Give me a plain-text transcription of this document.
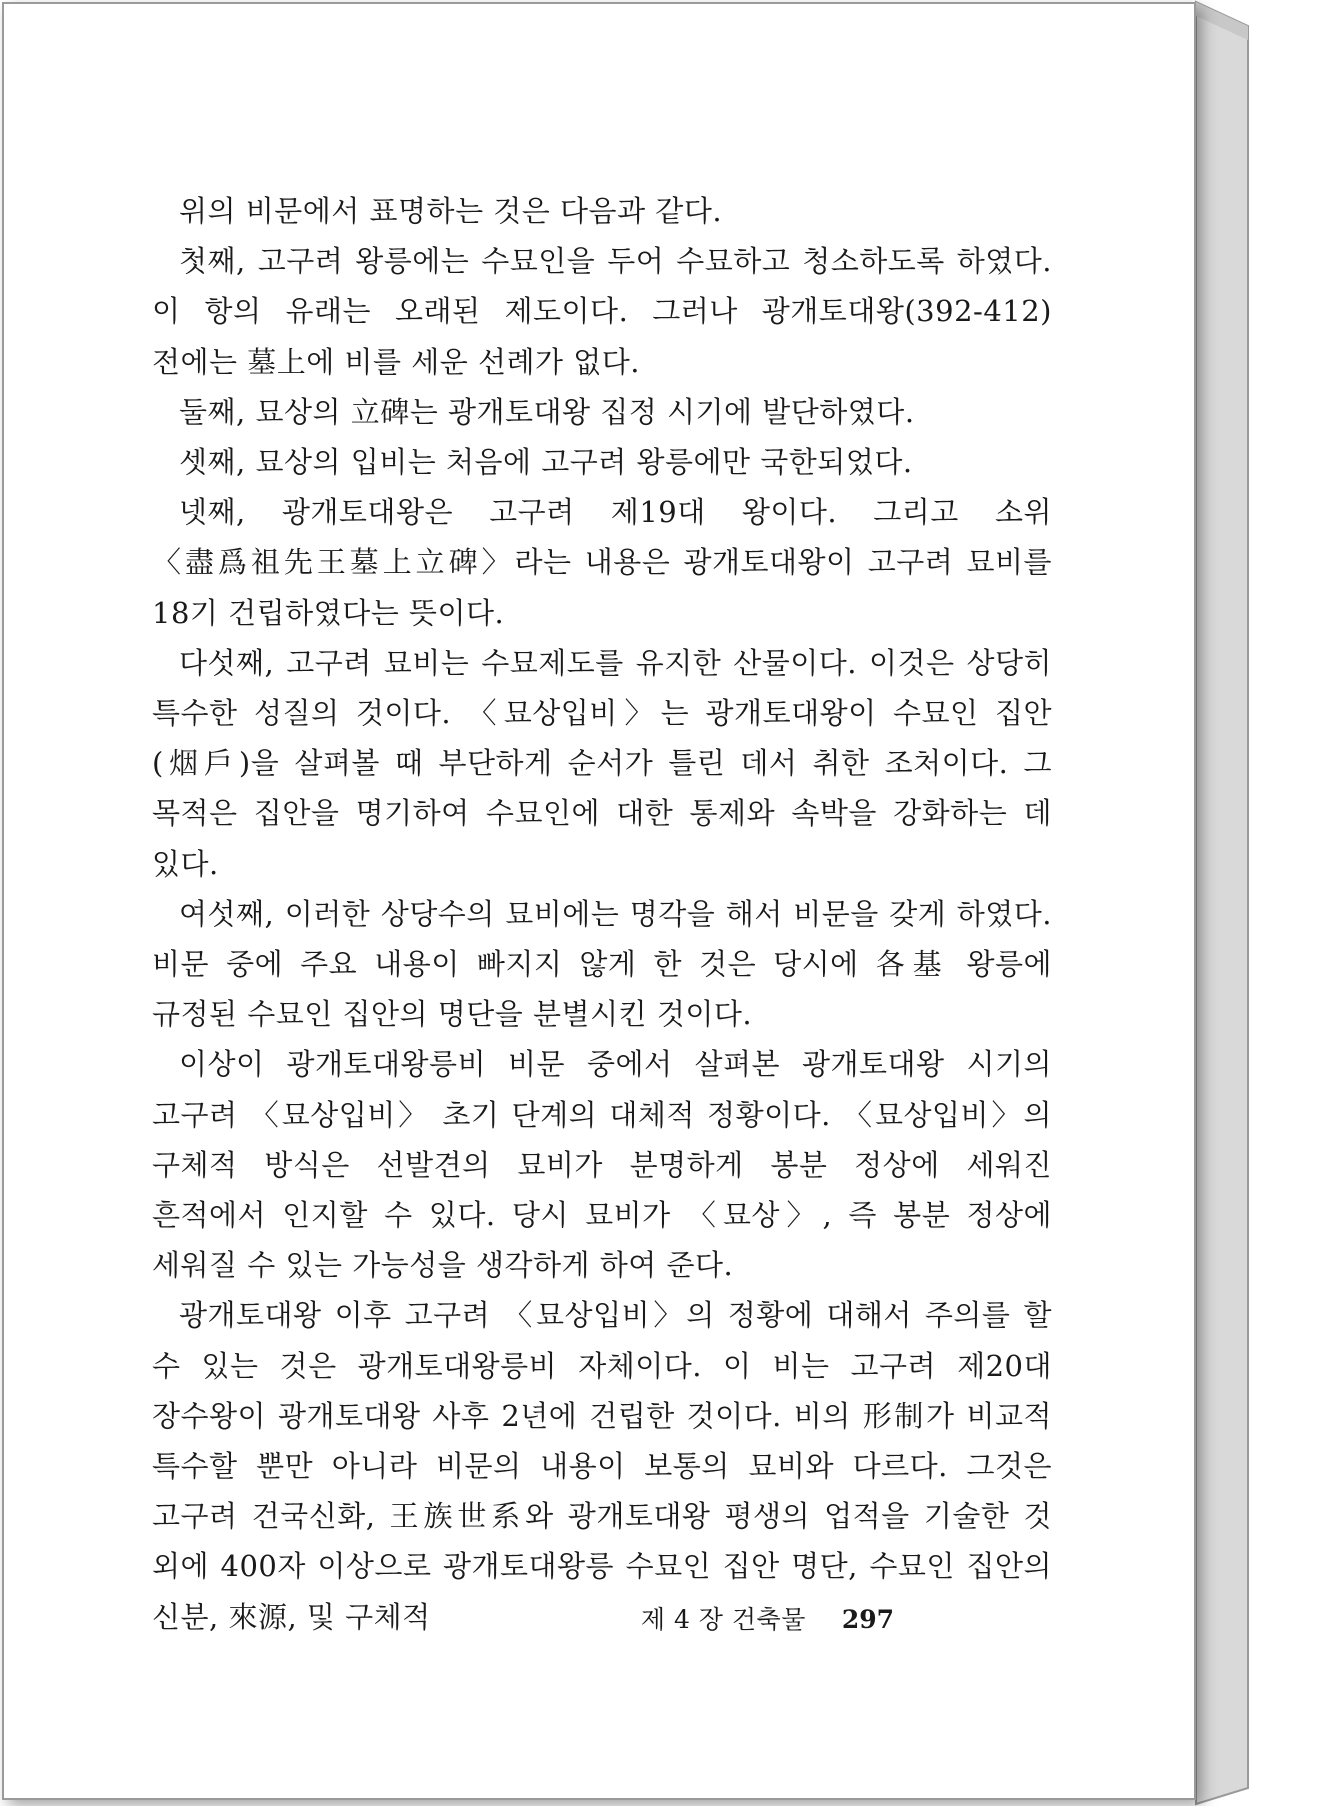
위의 비문에서 표명하는 것은 다음과 같다.

첫째, 고구려 왕릉에는 수묘인을 두어 수묘하고 청소하도록 하였다. 이 항의 유래는 오래된 제도이다. 그러나 광개토대왕(392-412) 전에는 墓上에 비를 세운 선례가 없다.

둘째, 묘상의 立碑는 광개토대왕 집정 시기에 발단하였다.

셋째, 묘상의 입비는 처음에 고구려 왕릉에만 국한되었다.

넷째, 광개토대왕은 고구려 제19대 왕이다. 그리고 소위 〈盡爲祖先王墓上立碑〉라는 내용은 광개토대왕이 고구려 묘비를 18기 건립하였다는 뜻이다.

다섯째, 고구려 묘비는 수묘제도를 유지한 산물이다. 이것은 상당히 특수한 성질의 것이다. 〈묘상입비〉는 광개토대왕이 수묘인 집안(烟戶)을 살펴볼 때 부단하게 순서가 틀린 데서 취한 조처이다. 그 목적은 집안을 명기하여 수묘인에 대한 통제와 속박을 강화하는 데 있다.

여섯째, 이러한 상당수의 묘비에는 명각을 해서 비문을 갖게 하였다. 비문 중에 주요 내용이 빠지지 않게 한 것은 당시에 各基 왕릉에 규정된 수묘인 집안의 명단을 분별시킨 것이다.

이상이 광개토대왕릉비 비문 중에서 살펴본 광개토대왕 시기의 고구려 〈묘상입비〉 초기 단계의 대체적 정황이다. 〈묘상입비〉의 구체적 방식은 선발견의 묘비가 분명하게 봉분 정상에 세워진 흔적에서 인지할 수 있다. 당시 묘비가 〈묘상〉, 즉 봉분 정상에 세워질 수 있는 가능성을 생각하게 하여 준다.

광개토대왕 이후 고구려 〈묘상입비〉의 정황에 대해서 주의를 할 수 있는 것은 광개토대왕릉비 자체이다. 이 비는 고구려 제20대 장수왕이 광개토대왕 사후 2년에 건립한 것이다. 비의 形制가 비교적 특수할 뿐만 아니라 비문의 내용이 보통의 묘비와 다르다. 그것은 고구려 건국신화, 王族世系와 광개토대왕 평생의 업적을 기술한 것 외에 400자 이상으로 광개토대왕릉 수묘인 집안 명단, 수묘인 집안의 신분, 來源, 및 구체적	제 4 장 건축물 297
